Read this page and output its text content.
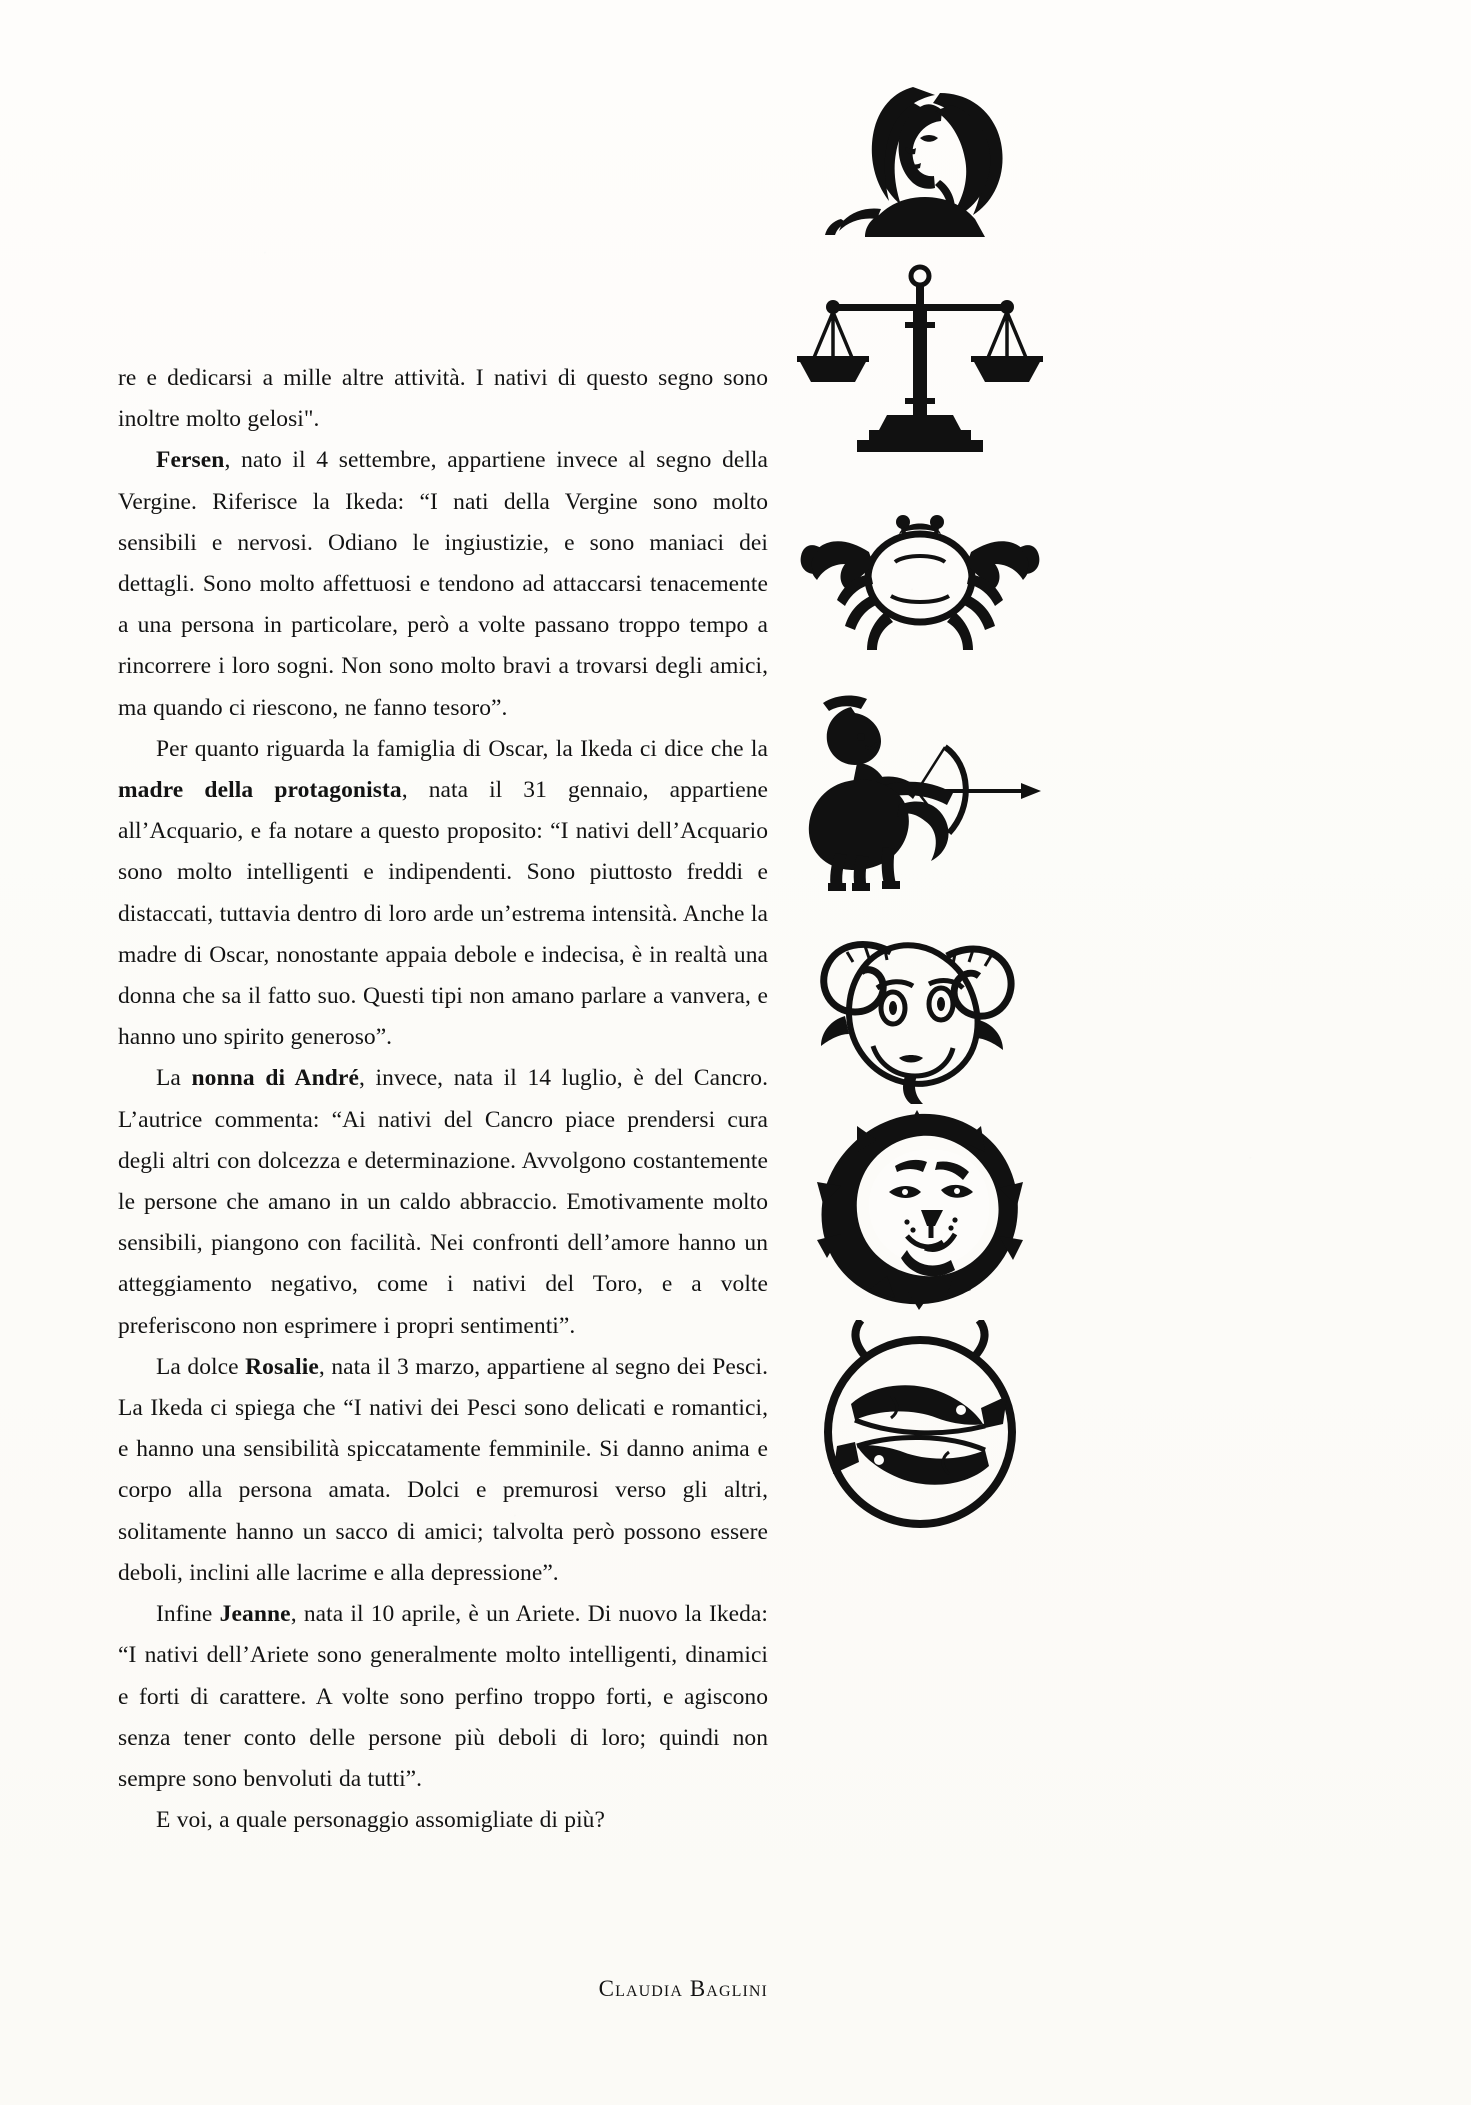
re e dedicarsi a mille altre attività. I nativi di questo segno sono inoltre molto gelosi".

Fersen, nato il 4 settembre, appartiene invece al segno della Vergine. Riferisce la Ikeda: “I nati della Vergine sono molto sensibili e nervosi. Odiano le ingiustizie, e sono maniaci dei dettagli. Sono molto affettuosi e tendono ad attaccarsi tenacemente a una persona in particolare, però a volte passano troppo tempo a rincorrere i loro sogni. Non sono molto bravi a trovarsi degli amici, ma quando ci riescono, ne fanno tesoro”.

Per quanto riguarda la famiglia di Oscar, la Ikeda ci dice che la madre della protagonista, nata il 31 gennaio, appartiene all’Acquario, e fa notare a questo proposito: “I nativi dell’Acquario sono molto intelligenti e indipendenti. Sono piuttosto freddi e distaccati, tuttavia dentro di loro arde un’estrema intensità. Anche la madre di Oscar, nonostante appaia debole e indecisa, è in realtà una donna che sa il fatto suo. Questi tipi non amano parlare a vanvera, e hanno uno spirito generoso”.

La nonna di André, invece, nata il 14 luglio, è del Cancro. L’autrice commenta: “Ai nativi del Cancro piace prendersi cura degli altri con dolcezza e determinazione. Avvolgono costantemente le persone che amano in un caldo abbraccio. Emotivamente molto sensibili, piangono con facilità. Nei confronti dell’amore hanno un atteggiamento negativo, come i nativi del Toro, e a volte preferiscono non esprimere i propri sentimenti”.

La dolce Rosalie, nata il 3 marzo, appartiene al segno dei Pesci. La Ikeda ci spiega che “I nativi dei Pesci sono delicati e romantici, e hanno una sensibilità spiccatamente femminile. Si danno anima e corpo alla persona amata. Dolci e premurosi verso gli altri, solitamente hanno un sacco di amici; talvolta però possono essere deboli, inclini alle lacrime e alla depressione”.

Infine Jeanne, nata il 10 aprile, è un Ariete. Di nuovo la Ikeda: “I nativi dell’Ariete sono generalmente molto intelligenti, dinamici e forti di carattere. A volte sono perfino troppo forti, e agiscono senza tener conto delle persone più deboli di loro; quindi non sempre sono benvoluti da tutti”.

E voi, a quale personaggio assomigliate di più?

Claudia Baglini
